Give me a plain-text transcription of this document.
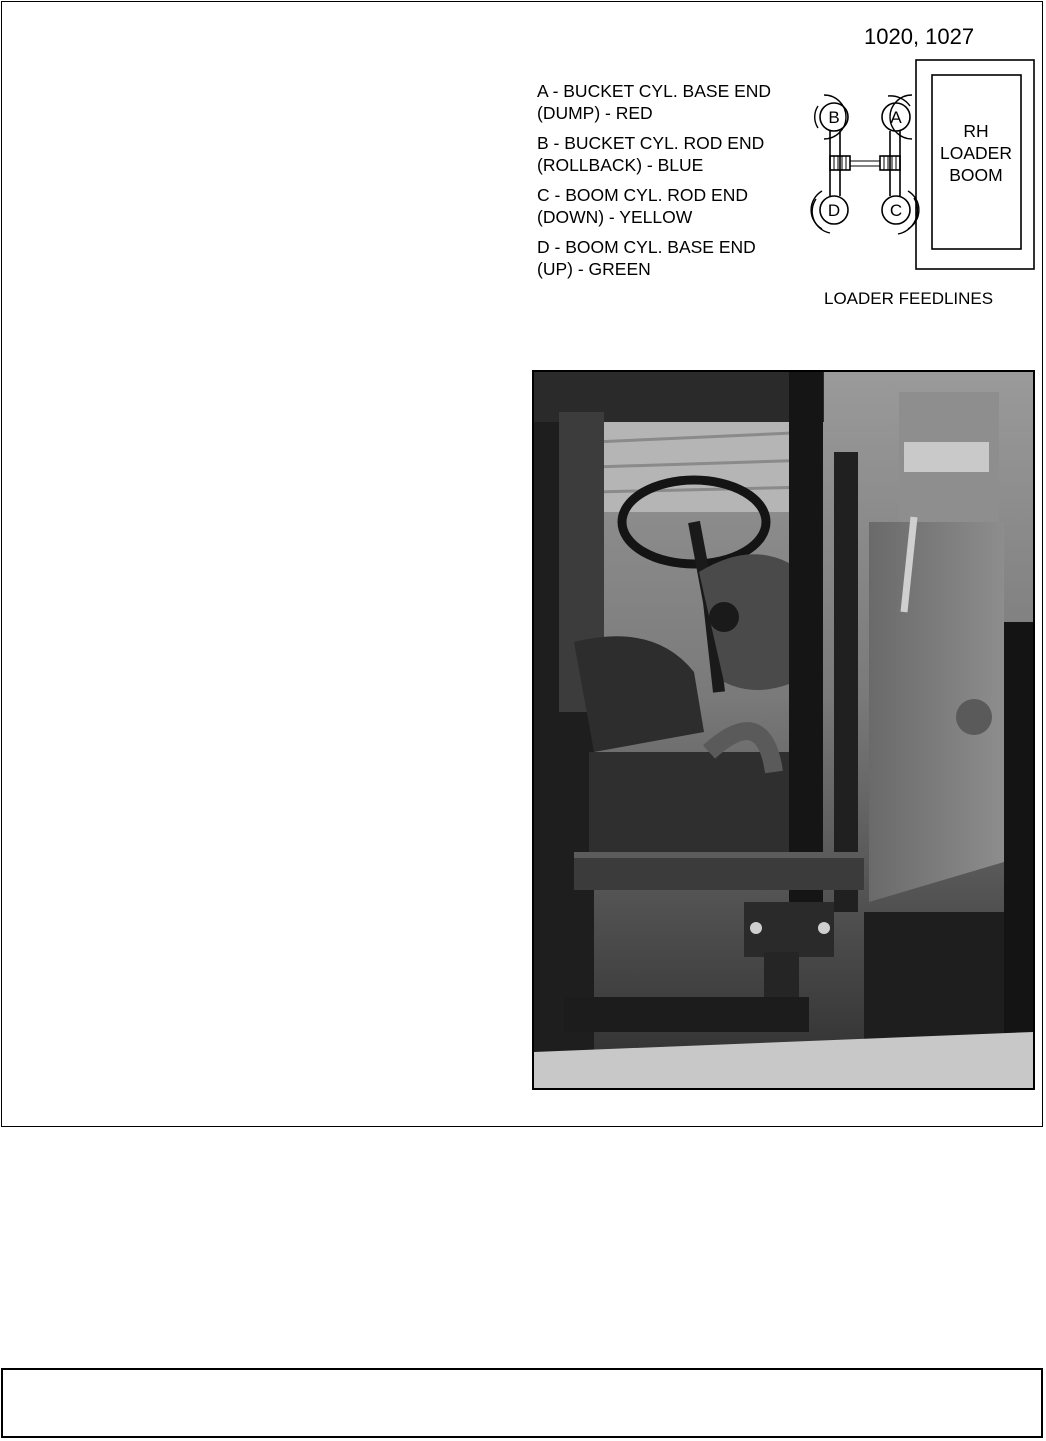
1020, 1027
A - BUCKET CYL. BASE END
(DUMP) - RED
B - BUCKET CYL. ROD END
(ROLLBACK) - BLUE
C - BOOM CYL. ROD END
(DOWN) - YELLOW
D - BOOM CYL. BASE END
(UP) - GREEN
B	A
D	C
RH
LOADER
BOOM
LOADER FEEDLINES
